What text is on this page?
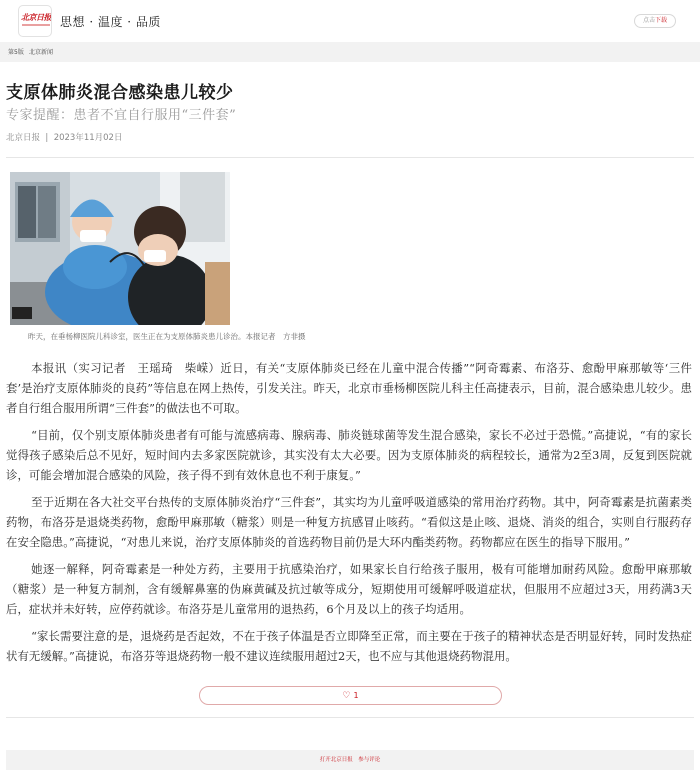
北京日报 思想 · 温度 · 品质	点击下载
第5版 北京新闻
支原体肺炎混合感染患儿较少
专家提醒：患者不宜自行服用“三件套”
北京日报  |  2023年11月02日
昨天，在垂杨柳医院儿科诊室，医生正在为支原体肺炎患儿诊治。本报记者　方非摄

本报讯（实习记者　王瑶琦　柴嵘）近日，有关“支原体肺炎已经在儿童中混合传播”“阿奇霉素、布洛芬、愈酚甲麻那敏等‘三件套’是治疗支原体肺炎的良药”等信息在网上热传，引发关注。昨天，北京市垂杨柳医院儿科主任高捷表示，目前，混合感染患儿较少。患者自行组合服用所谓“三件套”的做法也不可取。

“目前，仅个别支原体肺炎患者有可能与流感病毒、腺病毒、肺炎链球菌等发生混合感染，家长不必过于恐慌。”高捷说，“有的家长觉得孩子感染后总不见好，短时间内去多家医院就诊，其实没有太大必要。因为支原体肺炎的病程较长，通常为2至3周，反复到医院就诊，可能会增加混合感染的风险，孩子得不到有效休息也不利于康复。”

至于近期在各大社交平台热传的支原体肺炎治疗“三件套”，其实均为儿童呼吸道感染的常用治疗药物。其中，阿奇霉素是抗菌素类药物，布洛芬是退烧类药物，愈酚甲麻那敏（糖浆）则是一种复方抗感冒止咳药。“看似这是止咳、退烧、消炎的组合，实则自行服药存在安全隐患。”高捷说，“对患儿来说，治疗支原体肺炎的首选药物目前仍是大环内酯类药物。药物都应在医生的指导下服用。”

她逐一解释，阿奇霉素是一种处方药，主要用于抗感染治疗，如果家长自行给孩子服用，极有可能增加耐药风险。愈酚甲麻那敏（糖浆）是一种复方制剂，含有缓解鼻塞的伪麻黄碱及抗过敏等成分，短期使用可缓解呼吸道症状，但服用不应超过3天，用药满3天后，症状并未好转，应停药就诊。布洛芬是儿童常用的退热药，6个月及以上的孩子均适用。

“家长需要注意的是，退烧药是否起效，不在于孩子体温是否立即降至正常，而主要在于孩子的精神状态是否明显好转，同时发热症状有无缓解。”高捷说，布洛芬等退烧药物一般不建议连续服用超过2天，也不应与其他退烧药物混用。

♡ 1
打开北京日报　参与评论
